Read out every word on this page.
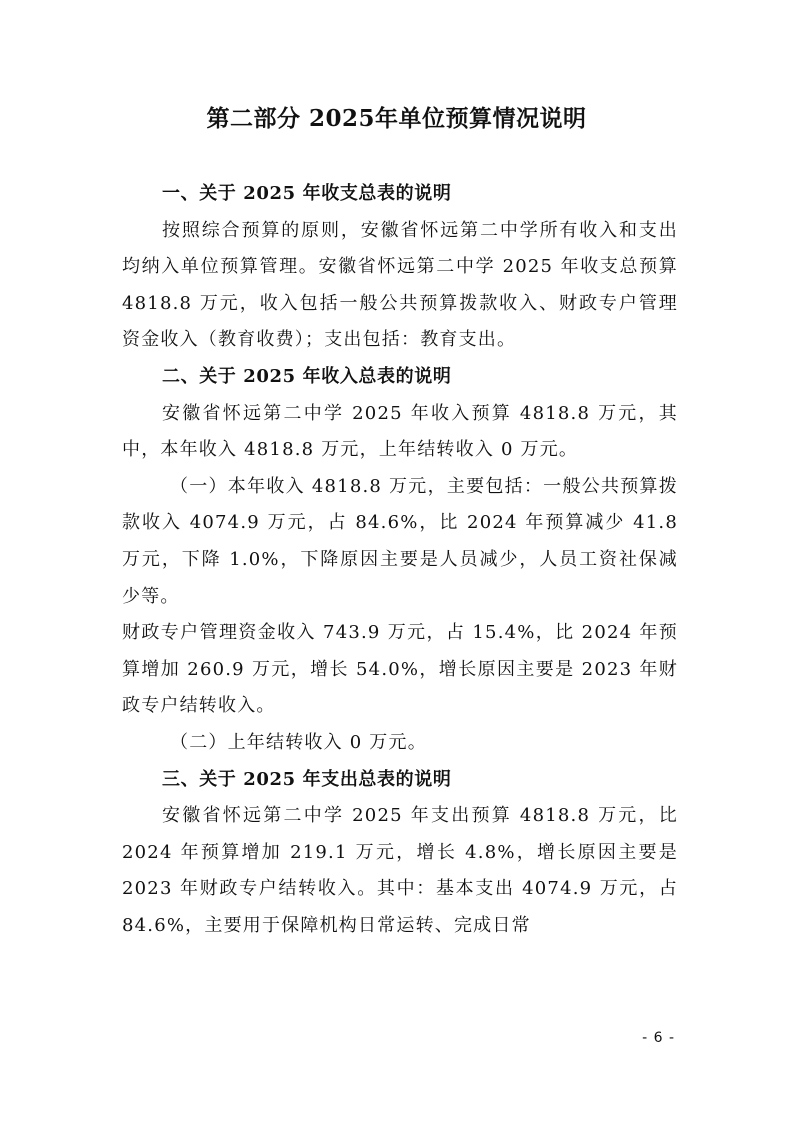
第二部分 2025年单位预算情况说明

一、关于 2025 年收支总表的说明

按照综合预算的原则，安徽省怀远第二中学所有收入和支出均纳入单位预算管理。安徽省怀远第二中学 2025 年收支总预算 4818.8 万元，收入包括一般公共预算拨款收入、财政专户管理资金收入（教育收费）；支出包括：教育支出。

二、关于 2025 年收入总表的说明

安徽省怀远第二中学 2025 年收入预算 4818.8 万元，其中，本年收入 4818.8 万元，上年结转收入 0 万元。

（一）本年收入 4818.8 万元，主要包括：一般公共预算拨款收入 4074.9 万元，占 84.6%，比 2024 年预算减少 41.8 万元，下降 1.0%，下降原因主要是人员减少，人员工资社保减少等。

财政专户管理资金收入 743.9 万元，占 15.4%，比 2024 年预算增加 260.9 万元，增长 54.0%，增长原因主要是 2023 年财政专户结转收入。

（二）上年结转收入 0 万元。

三、关于 2025 年支出总表的说明

安徽省怀远第二中学 2025 年支出预算 4818.8 万元，比 2024 年预算增加 219.1 万元，增长 4.8%，增长原因主要是 2023 年财政专户结转收入。其中：基本支出 4074.9 万元，占 84.6%，主要用于保障机构日常运转、完成日常

- 6 -
